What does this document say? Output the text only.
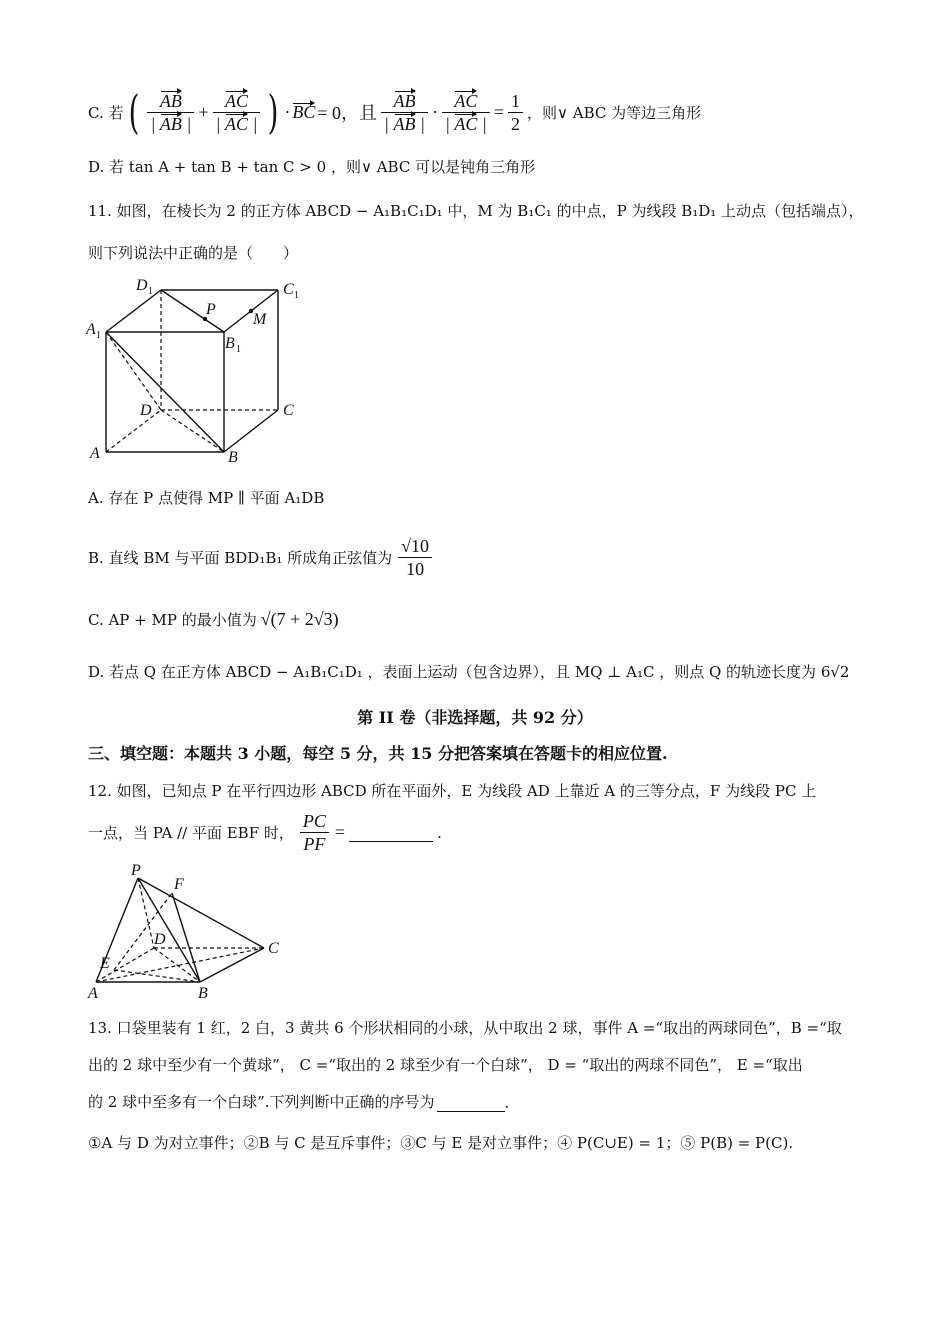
C. 若 ( $\frac{AB}{| AB |} + \frac{AC}{| AC |}$ ) · BC = 0，且 $\frac{AB}{| AB |} \cdot \frac{AC}{| AC |} = \frac{1}{2}$ ，则∨ ABC 为等边三角形
D. 若 tan A + tan B + tan C > 0 ，则∨ ABC 可以是钝角三角形
11. 如图，在棱长为 2 的正方体 ABCD − A₁B₁C₁D₁ 中，M 为 B₁C₁ 的中点，P 为线段 B₁D₁ 上动点（包括端点），
则下列说法中正确的是（　　）
D 1	C 1
A 1	B 1
P
M
D	C
A	B
A. 存在 P 点使得 MP ∥ 平面 A₁DB
B. 直线 BM 与平面 BDD₁B₁ 所成角正弦值为 $\frac{√10}{10}$
C. AP + MP 的最小值为 √(7 + 2√3)
D. 若点 Q 在正方体 ABCD − A₁B₁C₁D₁ ，表面上运动（包含边界），且 MQ ⊥ A₁C ，则点 Q 的轨迹长度为 6√2
第 II 卷（非选择题，共 92 分）
三、填空题：本题共 3 小题，每空 5 分，共 15 分把答案填在答题卡的相应位置.
12. 如图，已知点 P 在平行四边形 ABCD 所在平面外，E 为线段 AD 上靠近 A 的三等分点，F 为线段 PC 上
一点，当 PA // 平面 EBF 时， $\frac{PC}{PF}$ =	.
P
F
D
C
E
A	B
13. 口袋里装有 1 红，2 白，3 黄共 6 个形状相同的小球，从中取出 2 球，事件 A =“取出的两球同色”，B =“取
出的 2 球中至少有一个黄球”， C =“取出的 2 球至少有一个白球”， D = “取出的两球不同色”， E =“取出
的 2 球中至多有一个白球”.下列判断中正确的序号为	.
①A 与 D 为对立事件；②B 与 C 是互斥事件；③C 与 E 是对立事件；④ P(C∪E) = 1；⑤ P(B) = P(C).
